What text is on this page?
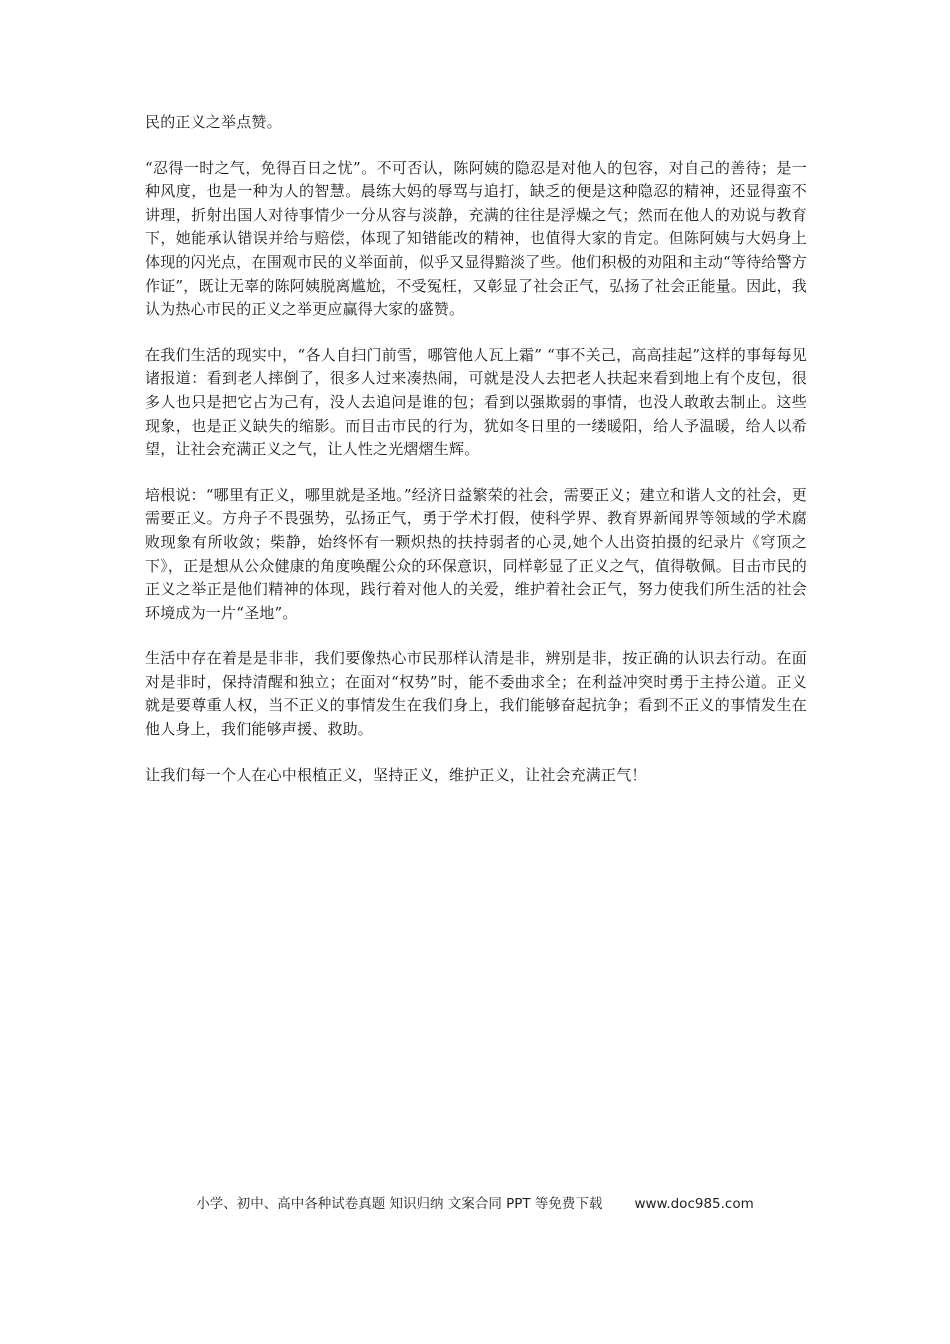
民的正义之举点赞。

“忍得一时之气，免得百日之忧”。不可否认，陈阿姨的隐忍是对他人的包容，对自己的善待；是一种风度，也是一种为人的智慧。晨练大妈的辱骂与追打，缺乏的便是这种隐忍的精神，还显得蛮不讲理，折射出国人对待事情少一分从容与淡静，充满的往往是浮燥之气；然而在他人的劝说与教育下，她能承认错误并给与赔偿，体现了知错能改的精神，也值得大家的肯定。但陈阿姨与大妈身上体现的闪光点，在围观市民的义举面前，似乎又显得黯淡了些。他们积极的劝阻和主动“等待给警方作证”，既让无辜的陈阿姨脱离尴尬，不受冤枉，又彰显了社会正气，弘扬了社会正能量。因此，我认为热心市民的正义之举更应赢得大家的盛赞。

在我们生活的现实中，“各人自扫门前雪，哪管他人瓦上霜” “事不关己，高高挂起”这样的事每每见诸报道：看到老人摔倒了，很多人过来凑热闹，可就是没人去把老人扶起来看到地上有个皮包，很多人也只是把它占为己有，没人去追问是谁的包；看到以强欺弱的事情，也没人敢敢去制止。这些现象，也是正义缺失的缩影。而目击市民的行为，犹如冬日里的一缕暖阳，给人予温暖，给人以希望，让社会充满正义之气，让人性之光熠熠生辉。

培根说：“哪里有正义，哪里就是圣地。”经济日益繁荣的社会，需要正义；建立和谐人文的社会，更需要正义。方舟子不畏强势，弘扬正气，勇于学术打假，使科学界、教育界新闻界等领域的学术腐败现象有所收敛；柴静，始终怀有一颗炽热的扶持弱者的心灵,她个人出资拍摄的纪录片《穹顶之下》，正是想从公众健康的角度唤醒公众的环保意识，同样彰显了正义之气，值得敬佩。目击市民的正义之举正是他们精神的体现，践行着对他人的关爱，维护着社会正气，努力使我们所生活的社会环境成为一片“圣地”。

生活中存在着是是非非，我们要像热心市民那样认清是非，辨别是非，按正确的认识去行动。在面对是非时，保持清醒和独立；在面对“权势”时，能不委曲求全；在利益冲突时勇于主持公道。正义就是要尊重人权，当不正义的事情发生在我们身上，我们能够奋起抗争；看到不正义的事情发生在他人身上，我们能够声援、救助。

让我们每一个人在心中根植正义，坚持正义，维护正义，让社会充满正气！

小学、初中、高中各种试卷真题 知识归纳 文案合同 PPT 等免费下载 www.doc985.com
